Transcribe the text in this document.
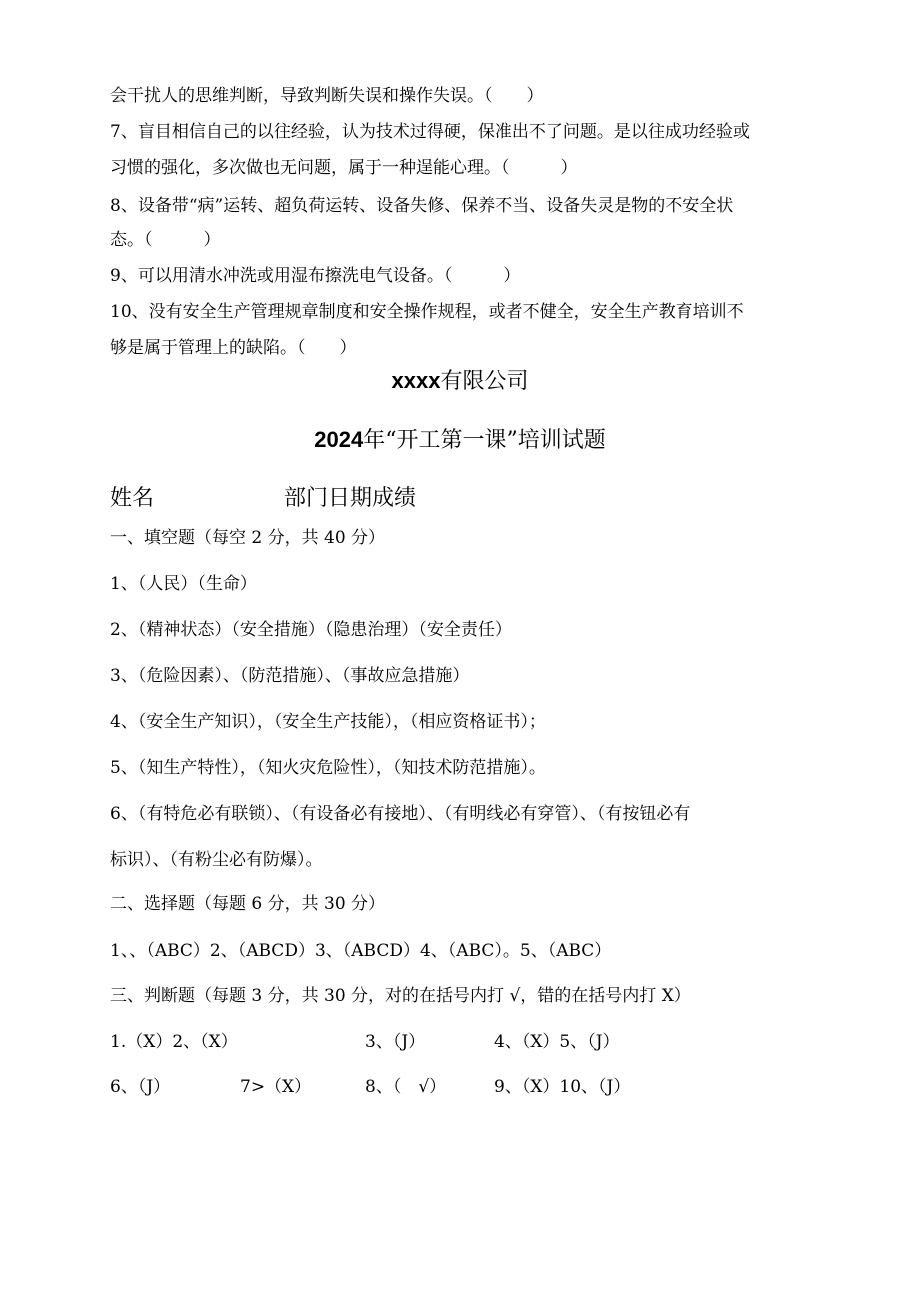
会干扰人的思维判断，导致判断失误和操作失误。（　　）
7、盲目相信自己的以往经验，认为技术过得硬，保准出不了问题。是以往成功经验或
习惯的强化，多次做也无问题，属于一种逞能心理。（　　　）
8、设备带“病”运转、超负荷运转、设备失修、保养不当、设备失灵是物的不安全状
态。（　　　）
9、可以用清水冲洗或用湿布擦洗电气设备。（　　　）
10、没有安全生产管理规章制度和安全操作规程，或者不健全，安全生产教育培训不
够是属于管理上的缺陷。（　　）
xxxx有限公司
2024年“开工第一课”培训试题
姓名	部门日期成绩
一、填空题（每空 2 分，共 40 分）
1、（人民）（生命）
2、（精神状态）（安全措施）（隐患治理）（安全责任）
3、（危险因素）、（防范措施）、（事故应急措施）
4、（安全生产知识），（安全生产技能），（相应资格证书）；
5、（知生产特性），（知火灾危险性），（知技术防范措施）。
6、（有特危必有联锁）、（有设备必有接地）、（有明线必有穿管）、（有按钮必有
标识）、（有粉尘必有防爆）。
二、选择题（每题 6 分，共 30 分）
1、、（ABC）2、（ABCD）3、（ABCD）4、（ABC）。5、（ABC）
三、判断题（每题 3 分，共 30 分，对的在括号内打 √，错的在括号内打 X）
1.（X）2、（X）	3、（J）	4、（X）5、（J）
6、（J）	7>（X）	8、（　√）	9、（X）10、（J）
